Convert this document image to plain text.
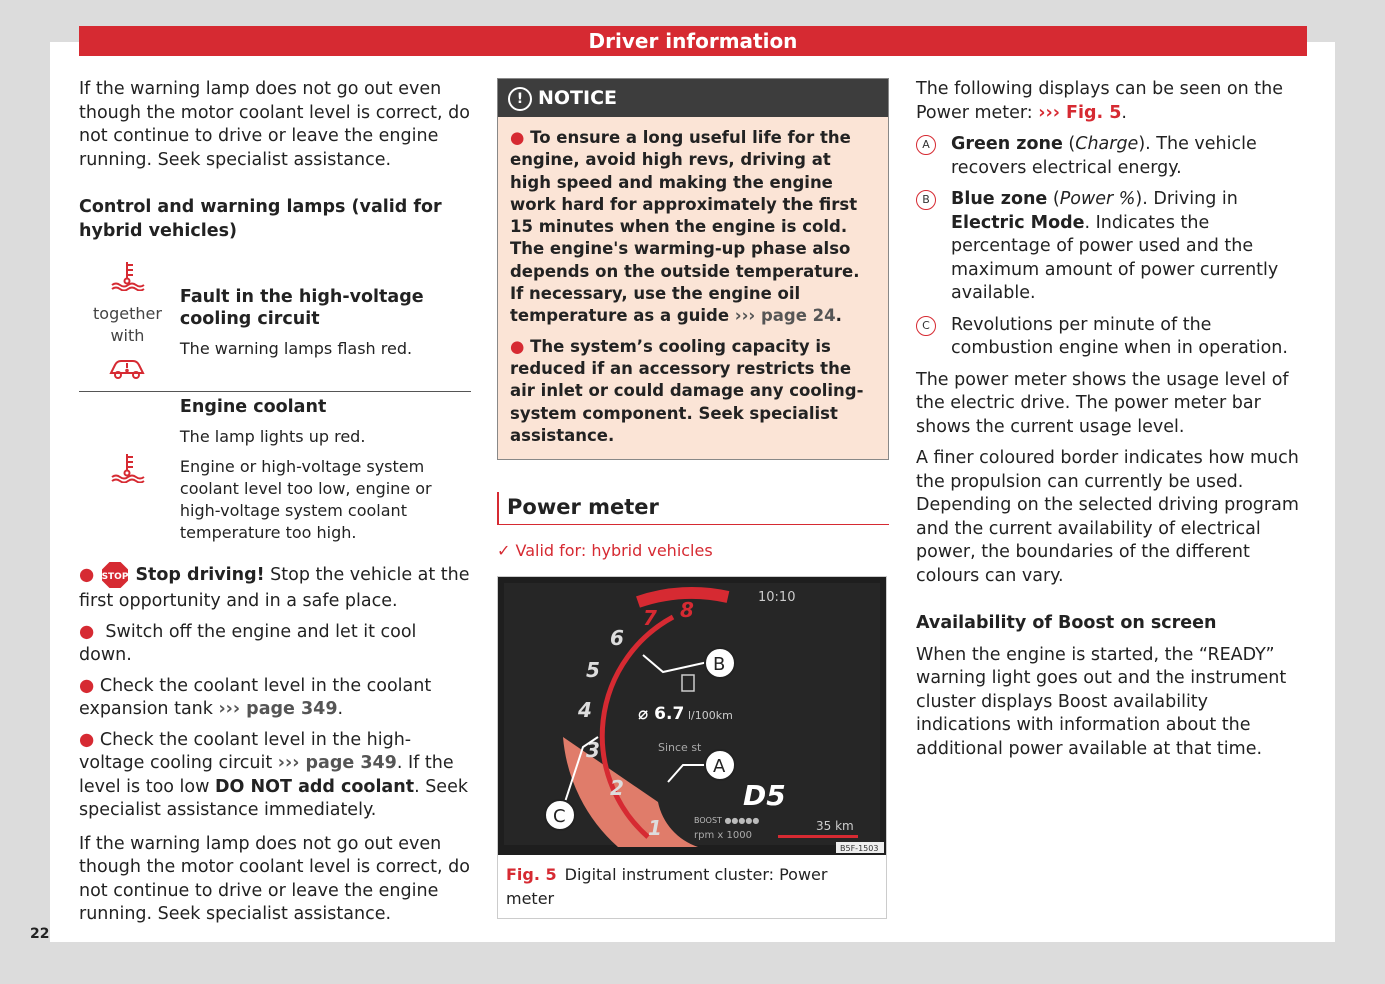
Driver information

If the warning lamp does not go out even though the motor coolant level is correct, do not continue to drive or leave the engine running. Seek specialist assistance.

Control and warning lamps (valid for hybrid vehicles)
together with	Fault in the high-voltage cooling circuit
The warning lamps flash red.

Engine coolant
The lamp lights up red.
Engine or high-voltage system coolant level too low, engine or high-voltage system coolant temperature too high.
● STOP Stop driving! Stop the vehicle at the first opportunity and in a safe place.
● Switch off the engine and let it cool down.
● Check the coolant level in the coolant expansion tank ››› page 349.
● Check the coolant level in the high-voltage cooling circuit ››› page 349. If the level is too low DO NOT add coolant. Seek specialist assistance immediately.

If the warning lamp does not go out even though the motor coolant level is correct, do not continue to drive or leave the engine running. Seek specialist assistance.

! NOTICE

● To ensure a long useful life for the engine, avoid high revs, driving at high speed and making the engine work hard for approximately the first 15 minutes when the engine is cold. The engine's warming-up phase also depends on the outside temperature. If necessary, use the engine oil temperature as a guide ››› page 24.

● The system’s cooling capacity is reduced if an accessory restricts the air inlet or could damage any cooling-system component. Seek specialist assistance.

Power meter
✓ Valid for: hybrid vehicles
1
2
3
4
5
6
7 8
10:10
⌀ 6.7 l/100km
Since st
D5
BOOST ●●●●●
rpm x 1000
35 km
B5F-1503
B
A
C
Fig. 5 Digital instrument cluster: Power meter

The following displays can be seen on the Power meter: ››› Fig. 5.

A	Green zone (Charge). The vehicle recovers electrical energy.
B	Blue zone (Power %). Driving in Electric Mode. Indicates the percentage of power used and the maximum amount of power currently available.
C	Revolutions per minute of the combustion engine when in operation.

The power meter shows the usage level of the electric drive. The power meter bar shows the current usage level.

A finer coloured border indicates how much the propulsion can currently be used. Depending on the selected driving program and the current availability of electrical power, the boundaries of the different colours can vary.

Availability of Boost on screen

When the engine is started, the “READY” warning light goes out and the instrument cluster displays Boost availability indications with information about the additional power available at that time.

22
